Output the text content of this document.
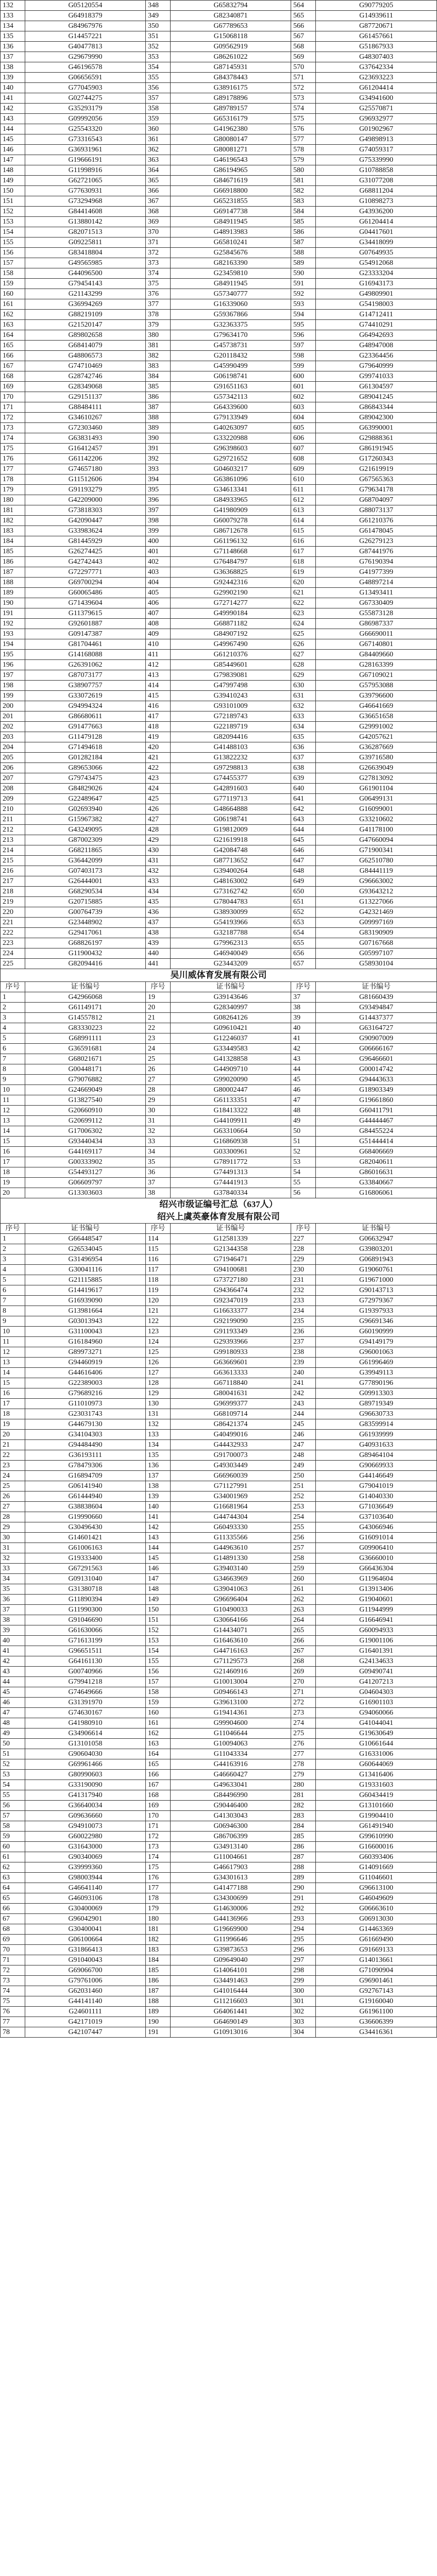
132	G05120554	348	G65832794	564	G90779205
133	G64918379	349	G82340871	565	G14939611
134	G84967976	350	G67789653	566	G87720671
135	G14457221	351	G15068118	567	G61457661
136	G40477813	352	G09562919	568	G51867933
137	G29679990	353	G86261022	569	G48307403
138	G46196578	354	G87145931	570	G37642334
139	G06656591	355	G84378443	571	G23693223
140	G77045903	356	G38916175	572	G61204414
141	G02744275	357	G89178896	573	G34941600
142	G35293179	358	G89789157	574	G25570871
143	G09992056	359	G65316179	575	G96932977
144	G25543320	360	G41962380	576	G01902967
145	G73316543	361	G80080147	577	G49898913
146	G36931961	362	G80081271	578	G74059317
147	G19666191	363	G46196543	579	G75339990
148	G11998916	364	G86194965	580	G10788858
149	G62721065	365	G84671619	581	G31077208
150	G77630931	366	G66918800	582	G68811204
151	G73294968	367	G65231855	583	G10898273
152	G84414608	368	G69147738	584	G43936200
153	G13880142	369	G84911945	585	G61204414
154	G82071513	370	G48913983	586	G04417601
155	G09225811	371	G65810241	587	G34418099
156	G83418804	372	G25845676	588	G07649935
157	G49565985	373	G82163390	589	G54912068
158	G44096500	374	G23459810	590	G23333204
159	G79454143	375	G84911945	591	G16943173
160	G21143299	376	G57340777	592	G49809901
161	G36994269	377	G16339060	593	G54198003
162	G88219109	378	G59367866	594	G14712411
163	G21520147	379	G32363375	595	G74410291
164	G89802658	380	G79634170	596	G64942693
165	G68414079	381	G45738731	597	G48947008
166	G48806573	382	G20118432	598	G23364456
167	G74710469	383	G45990499	599	G79640999
168	G28742746	384	G06198741	600	G99741033
169	G28349068	385	G91651163	601	G61304597
170	G29151137	386	G57342113	602	G89041245
171	G88484111	387	G64339600	603	G86843344
172	G34610267	388	G79133949	604	G89042300
173	G72303460	389	G40263097	605	G63990001
174	G63831493	390	G33220988	606	G29888361
175	G16412457	391	G96398603	607	G86191945
176	G61142206	392	G29721652	608	G17260343
177	G74657180	393	G04603217	609	G21619919
178	G11512606	394	G63861096	610	G67565363
179	G91193279	395	G34613341	611	G79634178
180	G42209000	396	G84933965	612	G68704097
181	G73818303	397	G41980909	613	G88073137
182	G42090447	398	G60079278	614	G61210376
183	G33983624	399	G86712678	615	G61478045
184	G81445929	400	G61196132	616	G26279123
185	G26274425	401	G71148668	617	G87441976
186	G42742443	402	G76484797	618	G76190394
187	G72297771	403	G36368825	619	G41977399
188	G69700294	404	G92442316	620	G48897214
189	G60065486	405	G29902190	621	G13493411
190	G71439604	406	G72714277	622	G67330409
191	G11379615	407	G49990184	623	G55873128
192	G92601887	408	G68871182	624	G86987337
193	G09147387	409	G84907192	625	G66690011
194	G81704461	410	G49967490	626	G67140801
195	G14168088	411	G61210376	627	G84409660
196	G26391062	412	G85449601	628	G28163399
197	G87073177	413	G79839081	629	G67109021
198	G38907757	414	G47997498	630	G57953088
199	G33072619	415	G39410243	631	G39796600
200	G94994324	416	G93101009	632	G46641669
201	G86680611	417	G72189743	633	G36651658
202	G91477663	418	G22189719	634	G29991002
203	G11479128	419	G82094416	635	G42057621
204	G71494618	420	G41488103	636	G36287669
205	G01282184	421	G13822232	637	G39716580
206	G89653066	422	G97298813	638	G26639049
207	G79743475	423	G74455377	639	G27813092
208	G84829026	424	G42891603	640	G61901104
209	G22489647	425	G77119713	641	G06499131
210	G02693940	426	G48664888	642	G16099001
211	G15967382	427	G06198741	643	G33210602
212	G43249095	428	G19812009	644	G41178100
213	G87002309	429	G21619918	645	G47660094
214	G68211865	430	G42084748	646	G71900341
215	G36442099	431	G87713652	647	G62510780
216	G07403173	432	G39400264	648	G84441119
217	G26444001	433	G48163002	649	G96663002
218	G68290534	434	G73162742	650	G93643212
219	G20715885	435	G78044783	651	G13227066
220	G00764739	436	G38930099	652	G42321469
221	G23448902	437	G54193966	653	G09997169
222	G29417061	438	G32187788	654	G83190909
223	G68826197	439	G79962313	655	G07167668
224	G11900432	440	G46940049	656	G05997107
225	G82094416	441	G23443209	657	G58930104
吴川威体育发展有限公司
序号	证书编号	序号	证书编号	序号	证书编号
1	G42966068	19	G39143646	37	G81660439
2	G61149171	20	G28340997	38	G93494847
3	G14557812	21	G08264126	39	G14437377
4	G83330223	22	G09610421	40	G63164727
5	G68991111	23	G12246037	41	G90907009
6	G36591681	24	G33449583	42	G06666167
7	G68021671	25	G41328858	43	G96466601
8	G00448171	26	G44909710	44	G00014742
9	G79076882	27	G99020090	45	G94443633
10	G24669049	28	G80002447	46	G18903349
11	G13827540	29	G61133351	47	G19661860
12	G20660910	30	G18413322	48	G60411791
13	G20699112	31	G44109911	49	G44444467
14	G17006302	32	G63310664	50	G84455224
15	G93440434	33	G16860938	51	G51444414
16	G44169117	34	G03300961	52	G68406669
17	G00333902	35	G78911772	53	G82040611
18	G54493127	36	G74491313	54	G86016631
19	G06609797	37	G74441913	55	G33840667
20	G13303603	38	G37840334	56	G16806061
绍兴市级证编号汇总（637人）
绍兴上虞英豪体育发展有限公司
序号	证书编号	序号	证书编号	序号	证书编号
1	G66448547	114	G12581339	227	G06632947
2	G26534045	115	G21344358	228	G39803201
3	G31496954	116	G71946471	229	G06891943
4	G30041116	117	G94100681	230	G19060761
5	G21115885	118	G73727180	231	G19671000
6	G14419617	119	G94366474	232	G90143713
7	G16939090	120	G92347019	233	G72979367
8	G13981664	121	G16633377	234	G19397933
9	G03013943	122	G92199090	235	G96691346
10	G31100043	123	G91193349	236	G60190999
11	G16184960	124	G29393966	237	G94149179
12	G89973271	125	G99180933	238	G96001063
13	G94460919	126	G63669601	239	G61996469
14	G44616406	127	G63613333	240	G39949113
15	G22389003	128	G67118840	241	G77890196
16	G79689216	129	G80041631	242	G09913303
17	G11010973	130	G96999377	243	G89719349
18	G23031743	131	G68109714	244	G96630733
19	G44679130	132	G86421374	245	G83599914
20	G34104303	133	G40499016	246	G61939999
21	G94484490	134	G44432933	247	G40931633
22	G36193111	135	G91700073	248	G89464104
23	G78479306	136	G49303449	249	G90669933
24	G16894709	137	G66960039	250	G44146649
25	G06141940	138	G71127991	251	G79041019
26	G61444940	139	G34001969	252	G14040330
27	G38838604	140	G16681964	253	G71036649
28	G19990660	141	G44744304	254	G37103640
29	G30496430	142	G60493330	255	G43066946
30	G14601421	143	G11335566	256	G16091014
31	G61006163	144	G44963610	257	G09906410
32	G19333400	145	G14891330	258	G36660010
33	G67291563	146	G39403140	259	G66436304
34	G09131040	147	G34663969	260	G11964604
35	G31380718	148	G39041063	261	G13913406
36	G11890394	149	G96696404	262	G19040601
37	G11990300	150	G10490033	263	G11944999
38	G91046690	151	G30664166	264	G16646941
39	G61630066	152	G14434071	265	G60094933
40	G71613199	153	G16463610	266	G19001106
41	G96651511	154	G44716163	267	G16401391
42	G64161130	155	G71129573	268	G24134633
43	G00740966	156	G21460916	269	G09490741
44	G79941218	157	G10013004	270	G41207213
45	G74649666	158	G09466143	271	G04604303
46	G31391970	159	G39613100	272	G16901103
47	G74630167	160	G19414361	273	G94060066
48	G41980910	161	G99904600	274	G41044041
49	G34906614	162	G11046644	275	G19630649
50	G13101058	163	G10094063	276	G10661644
51	G90604030	164	G11043334	277	G16331006
52	G69961466	165	G44163916	278	G60644069
53	G80990603	166	G46660427	279	G13416406
54	G33190090	167	G49633041	280	G19331603
55	G41317940	168	G84496990	281	G60434419
56	G36640034	169	G90446400	282	G13101660
57	G09636660	170	G41303043	283	G19904410
58	G94910073	171	G06946300	284	G61491940
59	G60022980	172	G86706399	285	G99610990
60	G31643000	173	G34913140	286	G16600016
61	G90340069	174	G11004661	287	G60393406
62	G39999360	175	G46617903	288	G14091669
63	G98003944	176	G34301613	289	G11046601
64	G46641140	177	G41477188	290	G96613100
65	G46093106	178	G34300699	291	G46049609
66	G30400069	179	G14630006	292	G06663610
67	G96042901	180	G44136966	293	G06913030
68	G30400041	181	G19669900	294	G14463369
69	G06100664	182	G11996646	295	G61669490
70	G31866413	183	G39873653	296	G91669133
71	G91040043	184	G09649040	297	G14013661
72	G69066700	185	G14064101	298	G71090904
73	G79761006	186	G34491463	299	G96901461
74	G62031460	187	G41016444	300	G92767143
75	G44141140	188	G11216603	301	G19160040
76	G24601111	189	G64061441	302	G61961100
77	G42171019	190	G64690149	303	G36606399
78	G42107447	191	G10913016	304	G34416361
